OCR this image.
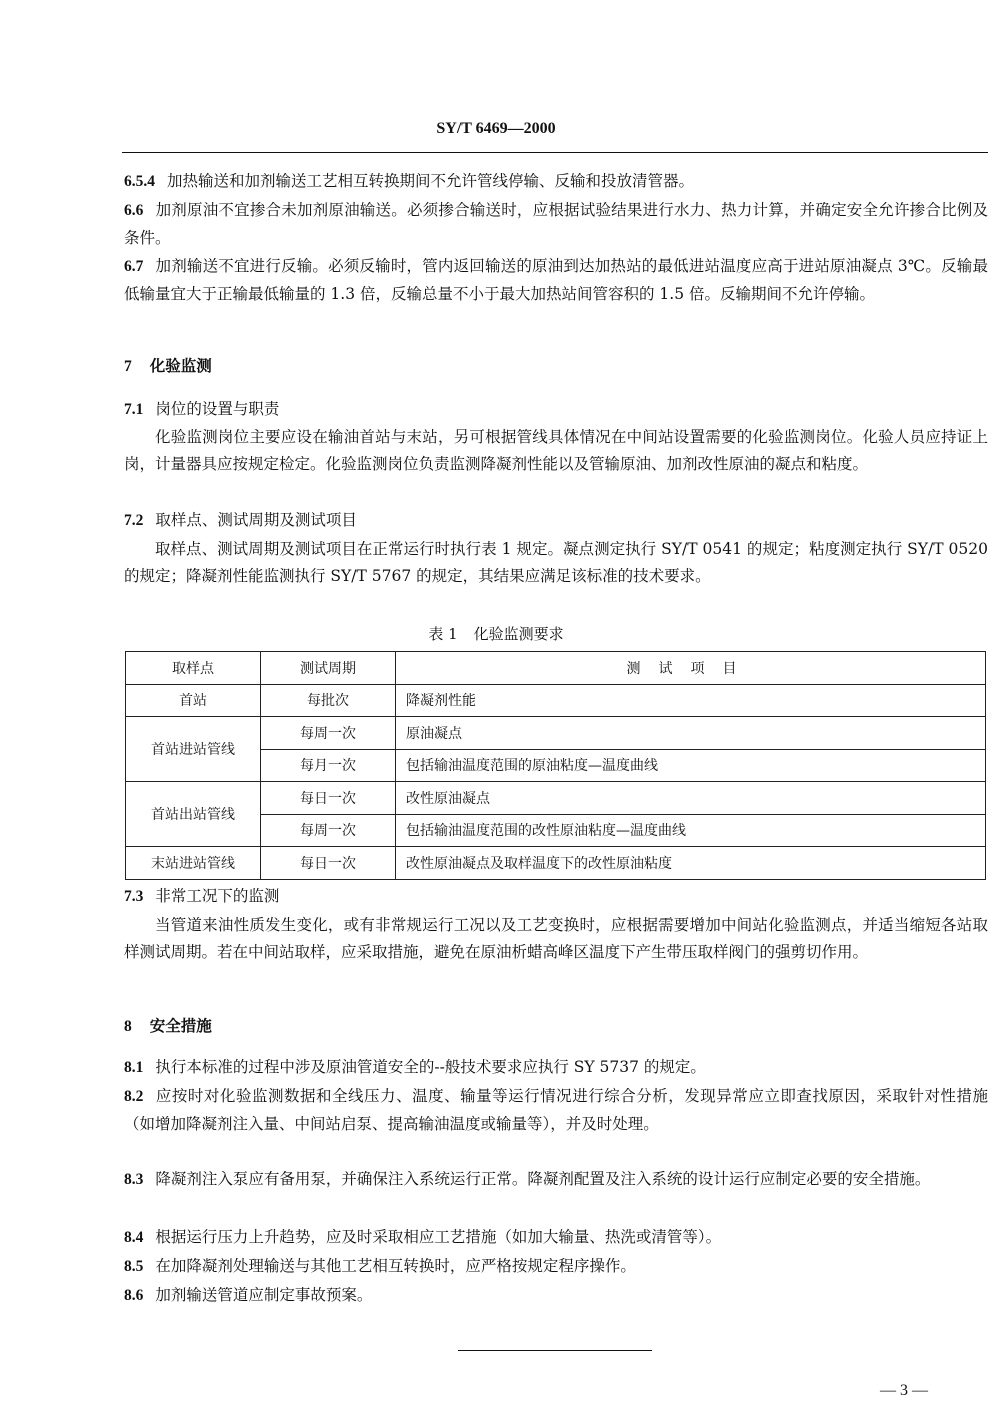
SY/T 6469—2000
6.5.4 加热输送和加剂输送工艺相互转换期间不允许管线停输、反输和投放清管器。
6.6 加剂原油不宜掺合未加剂原油输送。必须掺合输送时，应根据试验结果进行水力、热力计算，并确定安全允许掺合比例及条件。
6.7 加剂输送不宜进行反输。必须反输时，管内返回输送的原油到达加热站的最低进站温度应高于进站原油凝点 3℃。反输最低输量宜大于正输最低输量的 1.3 倍，反输总量不小于最大加热站间管容积的 1.5 倍。反输期间不允许停输。
7 化验监测
7.1 岗位的设置与职责
化验监测岗位主要应设在输油首站与末站，另可根据管线具体情况在中间站设置需要的化验监测岗位。化验人员应持证上岗，计量器具应按规定检定。化验监测岗位负责监测降凝剂性能以及管输原油、加剂改性原油的凝点和粘度。
7.2 取样点、测试周期及测试项目
取样点、测试周期及测试项目在正常运行时执行表 1 规定。凝点测定执行 SY/T 0541 的规定；粘度测定执行 SY/T 0520 的规定；降凝剂性能监测执行 SY/T 5767 的规定，其结果应满足该标准的技术要求。
表 1 化验监测要求
取样点	测试周期	测试项目
首站	每批次	降凝剂性能
首站进站管线	每周一次	原油凝点
	每月一次	包括输油温度范围的原油粘度—温度曲线
首站出站管线	每日一次	改性原油凝点
	每周一次	包括输油温度范围的改性原油粘度—温度曲线
末站进站管线	每日一次	改性原油凝点及取样温度下的改性原油粘度
7.3 非常工况下的监测
当管道来油性质发生变化，或有非常规运行工况以及工艺变换时，应根据需要增加中间站化验监测点，并适当缩短各站取样测试周期。若在中间站取样，应采取措施，避免在原油析蜡高峰区温度下产生带压取样阀门的强剪切作用。
8 安全措施
8.1 执行本标准的过程中涉及原油管道安全的--般技术要求应执行 SY 5737 的规定。
8.2 应按时对化验监测数据和全线压力、温度、输量等运行情况进行综合分析，发现异常应立即查找原因，采取针对性措施（如增加降凝剂注入量、中间站启泵、提高输油温度或输量等），并及时处理。
8.3 降凝剂注入泵应有备用泵，并确保注入系统运行正常。降凝剂配置及注入系统的设计运行应制定必要的安全措施。
8.4 根据运行压力上升趋势，应及时采取相应工艺措施（如加大输量、热洗或清管等）。
8.5 在加降凝剂处理输送与其他工艺相互转换时，应严格按规定程序操作。
8.6 加剂输送管道应制定事故预案。
— 3 —
